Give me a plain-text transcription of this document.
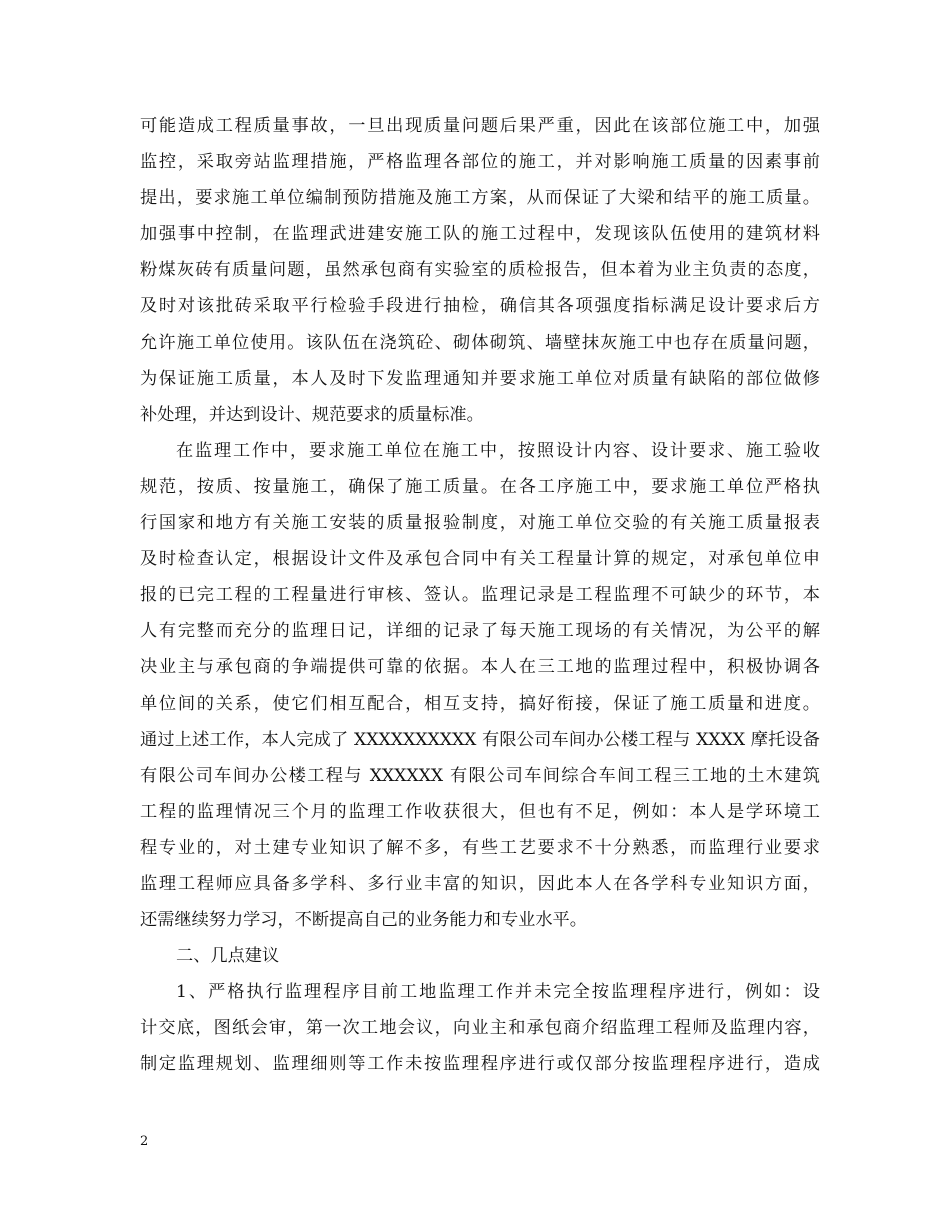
可能造成工程质量事故，一旦出现质量问题后果严重，因此在该部位施工中，加强
监控，采取旁站监理措施，严格监理各部位的施工，并对影响施工质量的因素事前
提出，要求施工单位编制预防措施及施工方案，从而保证了大梁和结平的施工质量。
加强事中控制，在监理武进建安施工队的施工过程中，发现该队伍使用的建筑材料
粉煤灰砖有质量问题，虽然承包商有实验室的质检报告，但本着为业主负责的态度，
及时对该批砖采取平行检验手段进行抽检，确信其各项强度指标满足设计要求后方
允许施工单位使用。该队伍在浇筑砼、砌体砌筑、墙壁抹灰施工中也存在质量问题，
为保证施工质量，本人及时下发监理通知并要求施工单位对质量有缺陷的部位做修
补处理，并达到设计、规范要求的质量标准。
在监理工作中，要求施工单位在施工中，按照设计内容、设计要求、施工验收
规范，按质、按量施工，确保了施工质量。在各工序施工中，要求施工单位严格执
行国家和地方有关施工安装的质量报验制度，对施工单位交验的有关施工质量报表
及时检查认定，根据设计文件及承包合同中有关工程量计算的规定，对承包单位申
报的已完工程的工程量进行审核、签认。监理记录是工程监理不可缺少的环节，本
人有完整而充分的监理日记，详细的记录了每天施工现场的有关情况，为公平的解
决业主与承包商的争端提供可靠的依据。本人在三工地的监理过程中，积极协调各
单位间的关系，使它们相互配合，相互支持，搞好衔接，保证了施工质量和进度。
通过上述工作，本人完成了 XXXXXXXXXX 有限公司车间办公楼工程与 XXXX 摩托设备
有限公司车间办公楼工程与 XXXXXX 有限公司车间综合车间工程三工地的土木建筑
工程的监理情况三个月的监理工作收获很大，但也有不足，例如：本人是学环境工
程专业的，对土建专业知识了解不多，有些工艺要求不十分熟悉，而监理行业要求
监理工程师应具备多学科、多行业丰富的知识，因此本人在各学科专业知识方面，
还需继续努力学习，不断提高自己的业务能力和专业水平。
二、几点建议
1、严格执行监理程序目前工地监理工作并未完全按监理程序进行，例如：设
计交底，图纸会审，第一次工地会议，向业主和承包商介绍监理工程师及监理内容，
制定监理规划、监理细则等工作未按监理程序进行或仅部分按监理程序进行，造成
2
